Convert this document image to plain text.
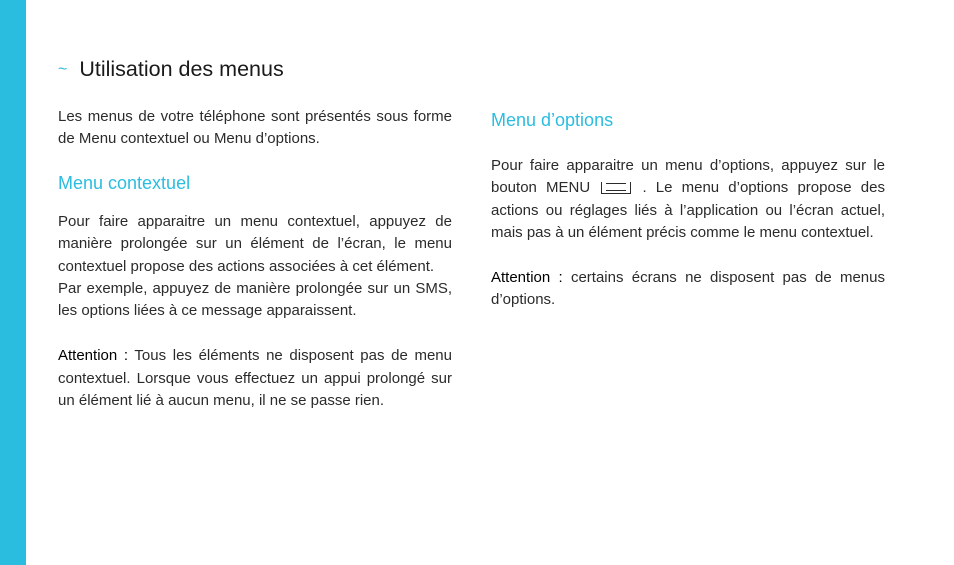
~ Utilisation des menus

Les menus de votre téléphone sont présentés sous forme de Menu contextuel ou Menu d’options.

Menu contextuel

Pour faire apparaitre un menu contextuel, appuyez de manière prolongée sur un élément de l’écran, le menu contextuel propose des actions associées à cet élément.

Par exemple, appuyez de manière prolongée sur un SMS, les options liées à ce message apparaissent.

Attention : Tous les éléments ne disposent pas de menu contextuel. Lorsque vous effectuez un appui prolongé sur un élément lié à aucun menu, il ne se passe rien.

Menu d’options

Pour faire apparaitre un menu d’options, appuyez sur le bouton MENU  . Le menu d’options propose des actions ou réglages liés à l’application ou l’écran actuel, mais pas à un élément précis comme le menu contextuel.

Attention : certains écrans ne disposent pas de menus d’options.
